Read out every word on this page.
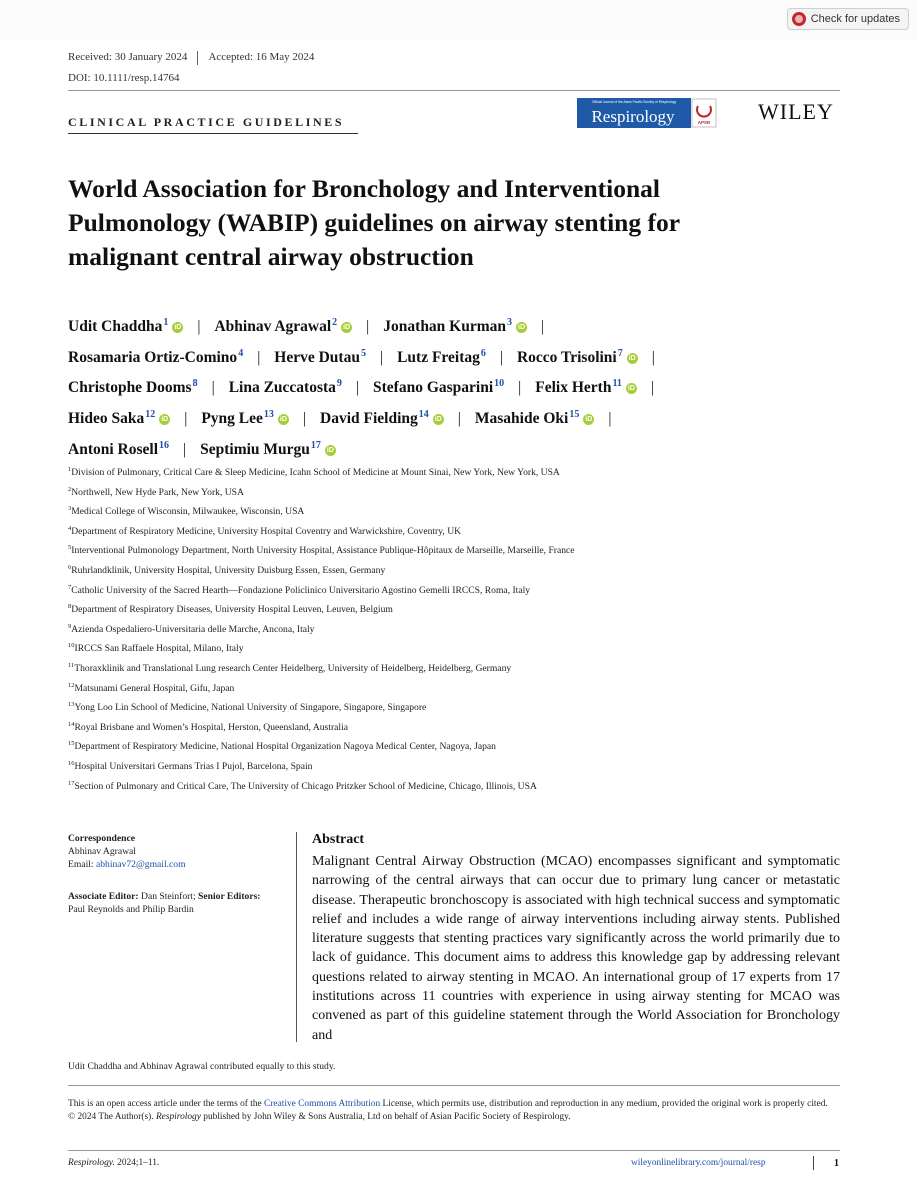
Check for updates
Received: 30 January 2024 Accepted: 16 May 2024
DOI: 10.1111/resp.14764
CLINICAL PRACTICE GUIDELINES
Official Journal of the Asian Pacific Society of Respirology
Respirology	APSR WILEY
World Association for Bronchology and Interventional Pulmonology (WABIP) guidelines on airway stenting for malignant central airway obstruction
Udit Chaddha$^1$ iD | Abhinav Agrawal$^2$ iD | Jonathan Kurman$^3$ iD |
Rosamaria Ortiz-Comino$^4$ | Herve Dutau$^5$ | Lutz Freitag$^6$ | Rocco Trisolini$^7$ iD |
Christophe Dooms$^8$ | Lina Zuccatosta$^9$ | Stefano Gasparini$^{10}$ | Felix Herth$^{11}$ iD |
Hideo Saka$^{12}$ iD | Pyng Lee$^{13}$ iD | David Fielding$^{14}$ iD | Masahide Oki$^{15}$ iD |
Antoni Rosell$^{16}$ | Septimiu Murgu$^{17}$ iD
$^1$Division of Pulmonary, Critical Care & Sleep Medicine, Icahn School of Medicine at Mount Sinai, New York, New York, USA
$^2$Northwell, New Hyde Park, New York, USA
$^3$Medical College of Wisconsin, Milwaukee, Wisconsin, USA
$^4$Department of Respiratory Medicine, University Hospital Coventry and Warwickshire, Coventry, UK
$^5$Interventional Pulmonology Department, North University Hospital, Assistance Publique-Hôpitaux de Marseille, Marseille, France
$^6$Ruhrlandklinik, University Hospital, University Duisburg Essen, Essen, Germany
$^7$Catholic University of the Sacred Hearth—Fondazione Policlinico Universitario Agostino Gemelli IRCCS, Roma, Italy
$^8$Department of Respiratory Diseases, University Hospital Leuven, Leuven, Belgium
$^9$Azienda Ospedaliero-Universitaria delle Marche, Ancona, Italy
$^{10}$IRCCS San Raffaele Hospital, Milano, Italy
$^{11}$Thoraxklinik and Translational Lung research Center Heidelberg, University of Heidelberg, Heidelberg, Germany
$^{12}$Matsunami General Hospital, Gifu, Japan
$^{13}$Yong Loo Lin School of Medicine, National University of Singapore, Singapore, Singapore
$^{14}$Royal Brisbane and Women’s Hospital, Herston, Queensland, Australia
$^{15}$Department of Respiratory Medicine, National Hospital Organization Nagoya Medical Center, Nagoya, Japan
$^{16}$Hospital Universitari Germans Trias I Pujol, Barcelona, Spain
$^{17}$Section of Pulmonary and Critical Care, The University of Chicago Pritzker School of Medicine, Chicago, Illinois, USA
Correspondence
Abhinav Agrawal
Email: abhinav72@gmail.com
Associate Editor: Dan Steinfort; Senior Editors:
Paul Reynolds and Philip Bardin
Abstract
Malignant Central Airway Obstruction (MCAO) encompasses significant and symptomatic narrowing of the central airways that can occur due to primary lung cancer or metastatic disease. Therapeutic bronchoscopy is associated with high technical success and symptomatic relief and includes a wide range of airway interventions including airway stents. Published literature suggests that stenting practices vary significantly across the world primarily due to lack of guidance. This document aims to address this knowledge gap by addressing relevant questions related to airway stenting in MCAO. An international group of 17 experts from 17 institutions across 11 countries with experience in using airway stenting for MCAO was convened as part of this guideline statement through the World Association for Bronchology and
Udit Chaddha and Abhinav Agrawal contributed equally to this study.
This is an open access article under the terms of the Creative Commons Attribution License, which permits use, distribution and reproduction in any medium, provided the original work is properly cited.
© 2024 The Author(s). Respirology published by John Wiley & Sons Australia, Ltd on behalf of Asian Pacific Society of Respirology.
Respirology. 2024;1–11.	wileyonlinelibrary.com/journal/resp	1
